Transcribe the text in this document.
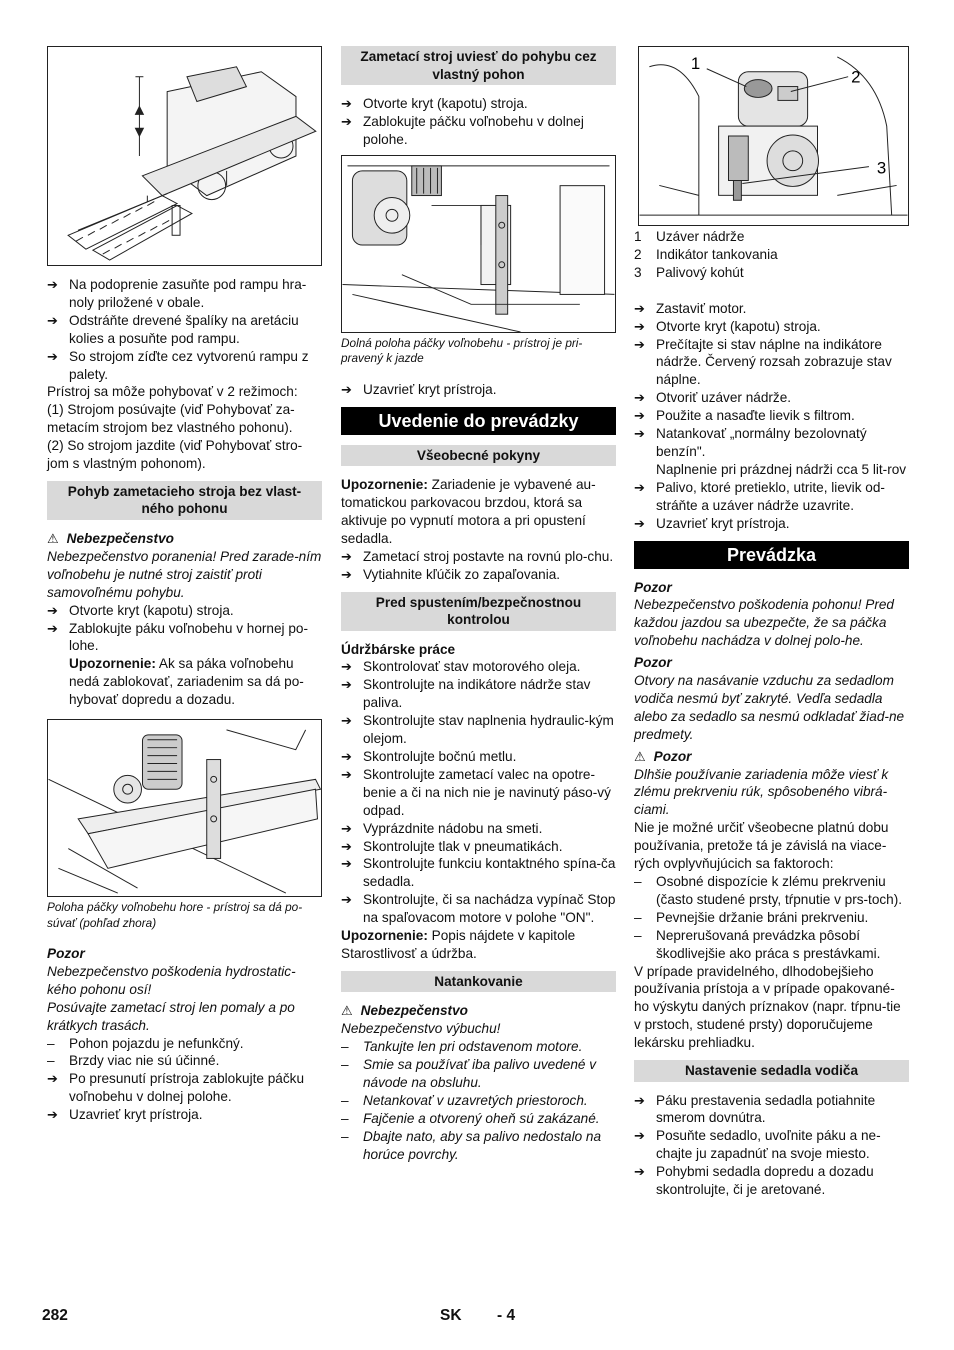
➔ Na podoprenie zasuňte pod rampu hra-noly priložené v obale.
➔ Odstráňte drevené špalíky na aretáciu kolies a posuňte pod rampu.
➔ So strojom zíďte cez vytvorenú rampu z palety.

Prístroj sa môže pohybovať v 2 režimoch:

(1) Strojom posúvajte (viď Pohybovať za-metacím strojom bez vlastného pohonu).

(2) So strojom jazdite (viď Pohybovať stro-jom s vlastným pohonom).

Pohyb zametacieho stroja bez vlast-ného pohonu
⚠ Nebezpečenstvo

Nebezpečenstvo poranenia! Pred zarade-ním voľnobehu je nutné stroj zaistiť proti samovoľnému pohybu.

➔ Otvorte kryt (kapotu) stroja.
➔ Zablokujte páku voľnobehu v hornej po-lohe.

Upozornenie: Ak sa páka voľnobehu nedá zablokovať, zariadenim sa dá po-hybovať dopredu a dozadu.

Poloha páčky voľnobehu hore - prístroj sa dá po-súvať (pohľad zhora)

Pozor

Nebezpečenstvo poškodenia hydrostatic-kého pohonu osí!

Posúvajte zametací stroj len pomaly a po krátkych trasách.

–	Pohon pojazdu je nefunkčný.
–	Brzdy viac nie sú účinné.
➔ Po presunutí prístroja zablokujte páčku voľnobehu v dolnej polohe.
➔ Uzavrieť kryt prístroja.
Zametací stroj uviesť do pohybu cez vlastný pohon
➔ Otvorte kryt (kapotu) stroja.
➔ Zablokujte páčku voľnobehu v dolnej polohe.

Dolná poloha páčky voľnobehu - prístroj je pri-pravený k jazde

➔ Uzavrieť kryt prístroja.
Uvedenie do prevádzky
Všeobecné pokyny

Upozornenie: Zariadenie je vybavené au-tomatickou parkovacou brzdou, ktorá sa aktivuje po vypnutí motora a pri opustení sedadla.

➔ Zametací stroj postavte na rovnú plo-chu.
➔ Vytiahnite kľúčik zo zapaľovania.
Pred spustením/bezpečnostnou kontrolou

Údržbárske práce

➔ Skontrolovať stav motorového oleja.
➔ Skontrolujte na indikátore nádrže stav paliva.
➔ Skontrolujte stav naplnenia hydraulic-kým olejom.
➔ Skontrolujte bočnú metlu.
➔ Skontrolujte zametací valec na opotre-benie a či na nich nie je navinutý páso-vý odpad.
➔ Vyprázdnite nádobu na smeti.
➔ Skontrolujte tlak v pneumatikách.
➔ Skontrolujte funkciu kontaktného spína-ča sedadla.
➔ Skontrolujte, či sa nachádza vypínač Stop na spaľovacom motore v polohe "ON".

Upozornenie: Popis nájdete v kapitole Starostlivosť a údržba.

Natankovanie
⚠ Nebezpečenstvo

Nebezpečenstvo výbuchu!

–	Tankujte len pri odstavenom motore.
–	Smie sa používať iba palivo uvedené v návode na obsluhu.
–	Netankovať v uzavretých priestoroch.
–	Fajčenie a otvorený oheň sú zakázané.
–	Dbajte nato, aby sa palivo nedostalo na horúce povrchy.
1
2
3
1	Uzáver nádrže
2	Indikátor tankovania
3	Palivový kohút
➔ Zastaviť motor.
➔ Otvorte kryt (kapotu) stroja.
➔ Prečítajte si stav náplne na indikátore nádrže. Červený rozsah zobrazuje stav náplne.
➔ Otvoriť uzáver nádrže.
➔ Použite a nasaďte lievik s filtrom.
➔ Natankovať „normálny bezolovnatý benzín".

Naplnenie pri prázdnej nádrži cca 5 lit-rov

➔ Palivo, ktoré pretieklo, utrite, lievik od-stráňte a uzáver nádrže uzavrite.
➔ Uzavrieť kryt prístroja.
Prevádzka

Pozor

Nebezpečenstvo poškodenia pohonu! Pred každou jazdou sa ubezpečte, že sa páčka voľnobehu nachádza v dolnej polo-he.

Pozor

Otvory na nasávanie vzduchu za sedadlom vodiča nesmú byť zakryté. Vedľa sedadla alebo za sedadlo sa nesmú odkladať žiad-ne predmety.

⚠ Pozor

Dlhšie používanie zariadenia môže viesť k zlému prekrveniu rúk, spôsobeného vibrá-ciami.

Nie je možné určiť všeobecne platnú dobu používania, pretože tá je závislá na viace-rých ovplyvňujúcich sa faktoroch:

–	Osobné dispozície k zlému prekrveniu (často studené prsty, tŕpnutie v prs-toch).
–	Pevnejšie držanie bráni prekrveniu.
–	Neprerušovaná prevádzka pôsobí škodlivejšie ako práca s prestávkami.

V prípade pravidelného, dlhodobejšieho používania prístoja a v prípade opakované-ho výskytu daných príznakov (napr. tŕpnu-tie v prstoch, studené prsty) doporučujeme lekársku prehliadku.

Nastavenie sedadla vodiča
➔ Páku prestavenia sedadla potiahnite smerom dovnútra.
➔ Posuňte sedadlo, uvoľnite páku a ne-chajte ju zapadnúť na svoje miesto.
➔ Pohybmi sedadla dopredu a dozadu skontrolujte, či je aretované.
282	SK - 4
